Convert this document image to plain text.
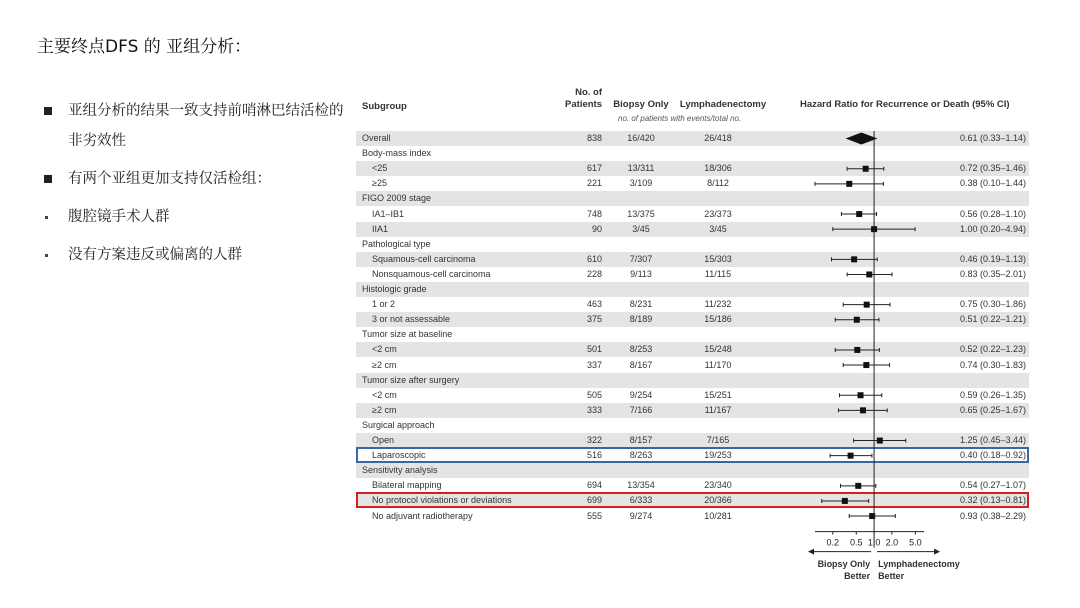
主要终点DFS 的 亚组分析：
亚组分析的结果一致支持前哨淋巴结活检的非劣效性
有两个亚组更加支持仅活检组：
腹腔镜手术人群
没有方案违反或偏离的人群
Subgroup
No. of
Patients	Biopsy Only	Lymphadenectomy
no. of patients with events/total no.
Hazard Ratio for Recurrence or Death (95% CI)
Overall	838	16/420	26/418	0.61 (0.33–1.14)
Body-mass index
<25	617	13/311	18/306	0.72 (0.35–1.46)
≥25	221	3/109	8/112	0.38 (0.10–1.44)
FIGO 2009 stage
IA1–IB1	748	13/375	23/373	0.56 (0.28–1.10)
IIA1	90	3/45	3/45	1.00 (0.20–4.94)
Pathological type
Squamous-cell carcinoma	610	7/307	15/303	0.46 (0.19–1.13)
Nonsquamous-cell carcinoma	228	9/113	11/115	0.83 (0.35–2.01)
Histologic grade
1 or 2	463	8/231	11/232	0.75 (0.30–1.86)
3 or not assessable	375	8/189	15/186	0.51 (0.22–1.21)
Tumor size at baseline
<2 cm	501	8/253	15/248	0.52 (0.22–1.23)
≥2 cm	337	8/167	11/170	0.74 (0.30–1.83)
Tumor size after surgery
<2 cm	505	9/254	15/251	0.59 (0.26–1.35)
≥2 cm	333	7/166	11/167	0.65 (0.25–1.67)
Surgical approach
Open	322	8/157	7/165	1.25 (0.45–3.44)
Laparoscopic	516	8/263	19/253	0.40 (0.18–0.92)
Sensitivity analysis
Bilateral mapping	694	13/354	23/340	0.54 (0.27–1.07)
No protocol violations or deviations	699	6/333	20/366	0.32 (0.13–0.81)
No adjuvant radiotherapy	555	9/274	10/281	0.93 (0.38–2.29)
0.2 0.5 1.0 2.0 5.0
Biopsy Only
Better
Lymphadenectomy
Better
